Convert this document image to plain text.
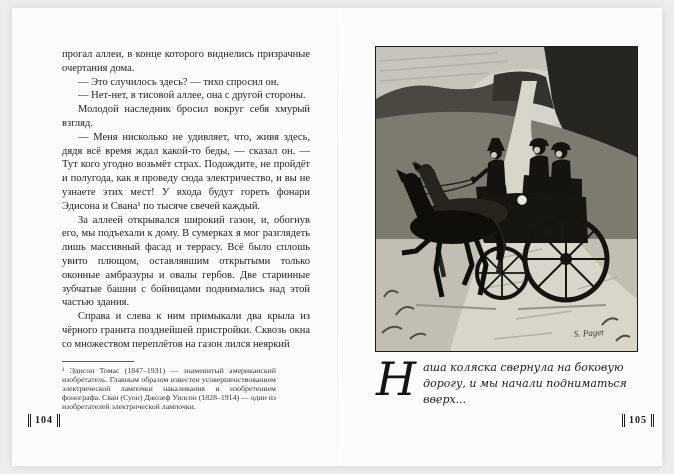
прогал аллеи, в конце которого виднелись призрачные очертания дома.

— Это случилось здесь? — тихо спросил он.

— Нет-нет, в тисовой аллее, она с другой стороны.

Молодой наследник бросил вокруг себя хмурый взгляд.

— Меня нисколько не удивляет, что, живя здесь, дядя всё время ждал какой-то беды, — сказал он. — Тут кого угодно возьмёт страх. Подождите, не пройдёт и полугода, как я проведу сюда электричество, и вы не узнаете этих мест! У входа будут гореть фонари Эдисона и Свана¹ по тысяче свечей каждый.

За аллеей открывался широкий газон, и, обогнув его, мы подъехали к дому. В сумерках я мог разглядеть лишь массивный фасад и террасу. Всё было сплошь увито плющом, оставлявшим открытыми только оконные амбразуры и овалы гербов. Две старинные зубчатые башни с бойницами поднимались над этой частью здания.

Справа и слева к ним примыкали два крыла из чёрного гранита позднейшей пристройки. Сквозь окна со множеством переплётов на газон лился неяркий

¹ Эдисон Томас (1847–1931) — знаменитый американский изобретатель. Главным образом известен усовершенствованием электрической лампочки накаливания и изобретением фонографа. Сван (Суон) Джозеф Уилсон (1828–1914) — один из изобретателей электрической лампочки.
104
S. Paget
Наша коляска свернула на боковую дорогу, и мы начали подниматься вверх...
105
